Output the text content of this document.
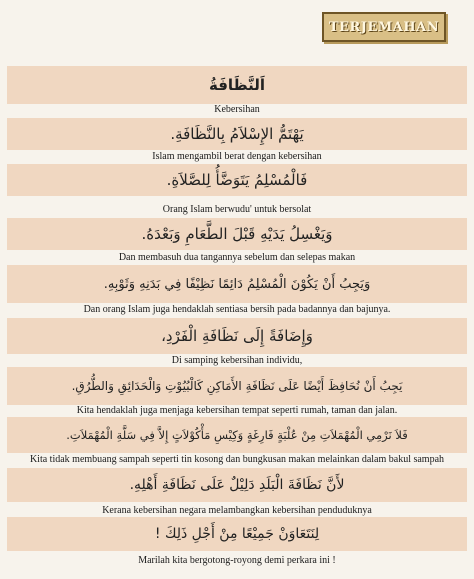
TERJEMAHAN
اَلنَّظَافَةُ
Kebersihan
يَهْتَمُّ الإِسْلاَمُ بِالنَّظَافَةِ.
Islam mengambil berat dengan kebersihan
فَالْمُسْلِمُ يَتَوَضَّأُ لِلصَّلاَةِ.
Orang Islam berwudu' untuk bersolat
وَيَغْسِلُ يَدَيْهِ قَبْلَ الطَّعَامِ وَبَعْدَهُ.
Dan membasuh dua tangannya sebelum dan selepas makan
وَيَجِبُ أَنْ يَكُوْنَ الْمُسْلِمُ دَائِمًا نَظِيْفًا فِي بَدَنِهِ وَثَوْبِهِ.
Dan orang Islam juga hendaklah sentiasa bersih pada badannya dan bajunya.
وَإِضَافَةً إِلَى نَظَافَةِ الْفَرْدِ،
Di samping kebersihan individu,
يَجِبُ أَنْ نُحَافِظَ أَيْضًا عَلَى نَظَافَةِ الأَمَاكِنِ كَالْبُيُوْتِ وَالْحَدَائِقِ وَالطُّرُقِ.
Kita hendaklah juga menjaga kebersihan tempat seperti rumah, taman dan jalan.
فَلاَ نَرْمِي الْمُهْمَلاَتِ مِنْ عُلْبَةٍ فَارِغَةٍ وَكِيْسِ مَأْكُوْلاَتٍ إِلاَّ فِي سَلَّةِ الْمُهْمَلاَتِ.
Kita tidak membuang sampah seperti tin kosong dan bungkusan makan melainkan dalam bakul sampah
لأَنَّ نَظَافَةَ الْبَلَدِ دَلِيْلٌ عَلَى نَظَافَةِ أَهْلِهِ.
Kerana kebersihan negara melambangkan kebersihan penduduknya
لِنَتَعَاوَنْ جَمِيْعًا مِنْ أَجْلِ ذَلِكَ !
Marilah kita bergotong-royong demi perkara ini !
